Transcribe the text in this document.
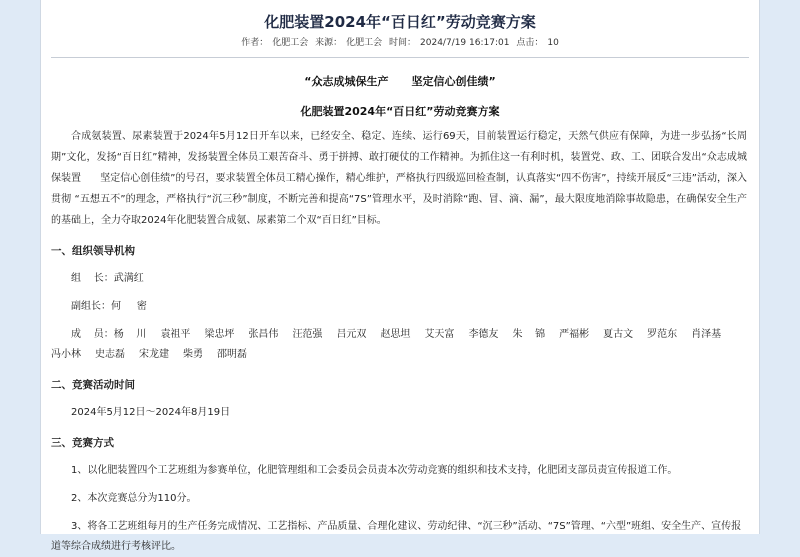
化肥装置2024年“百日红”劳动竞赛方案
作者： 化肥工会 来源： 化肥工会 时间： 2024/7/19 16:17:01 点击： 10
“众志成城保生产      坚定信心创佳绩”
化肥装置2024年“百日红”劳动竞赛方案

合成氨装置、尿素装置于2024年5月12日开车以来，已经安全、稳定、连续、运行69天，目前装置运行稳定，天然气供应有保障，为进一步弘扬“长周期”文化，发扬“百日红”精神，发扬装置全体员工艰苦奋斗、勇于拼搏、敢打硬仗的工作精神。为抓住这一有利时机，装置党、政、工、团联合发出“众志成城保装置      坚定信心创佳绩”的号召，要求装置全体员工精心操作，精心维护，严格执行四级巡回检查制，认真落实“四不伤害”，持续开展反“三违”活动，深入贯彻 “五想五不”的理念，严格执行“沉三秒”制度，不断完善和提高“7S”管理水平，及时消除“跑、冒、滴、漏”，最大限度地消除事故隐患，在确保安全生产的基础上，全力夺取2024年化肥装置合成氨、尿素第二个双“百日红”目标。

一、组织领导机构

组    长：武满红

副组长：何     密

成    员：杨    川 袁祖平 梁忠坪 张昌伟 汪范强 吕元双 赵思坦 艾天富 李德友 朱    锦 严福彬 夏古文 罗范东 肖泽基冯小林 史志磊 宋龙建 柴勇 邵明磊

二、竞赛活动时间

2024年5月12日～2024年8月19日

三、竞赛方式

1、以化肥装置四个工艺班组为参赛单位，化肥管理组和工会委员会员责本次劳动竞赛的组织和技术支持，化肥团支部员责宣传报道工作。

2、本次竞赛总分为110分。

3、将各工艺班组每月的生产任务完成情况、工艺指标、产品质量、合理化建议、劳动纪律、“沉三秒”活动、“7S”管理、“六型”班组、安全生产、宣传报道等综合成绩进行考核评比。
